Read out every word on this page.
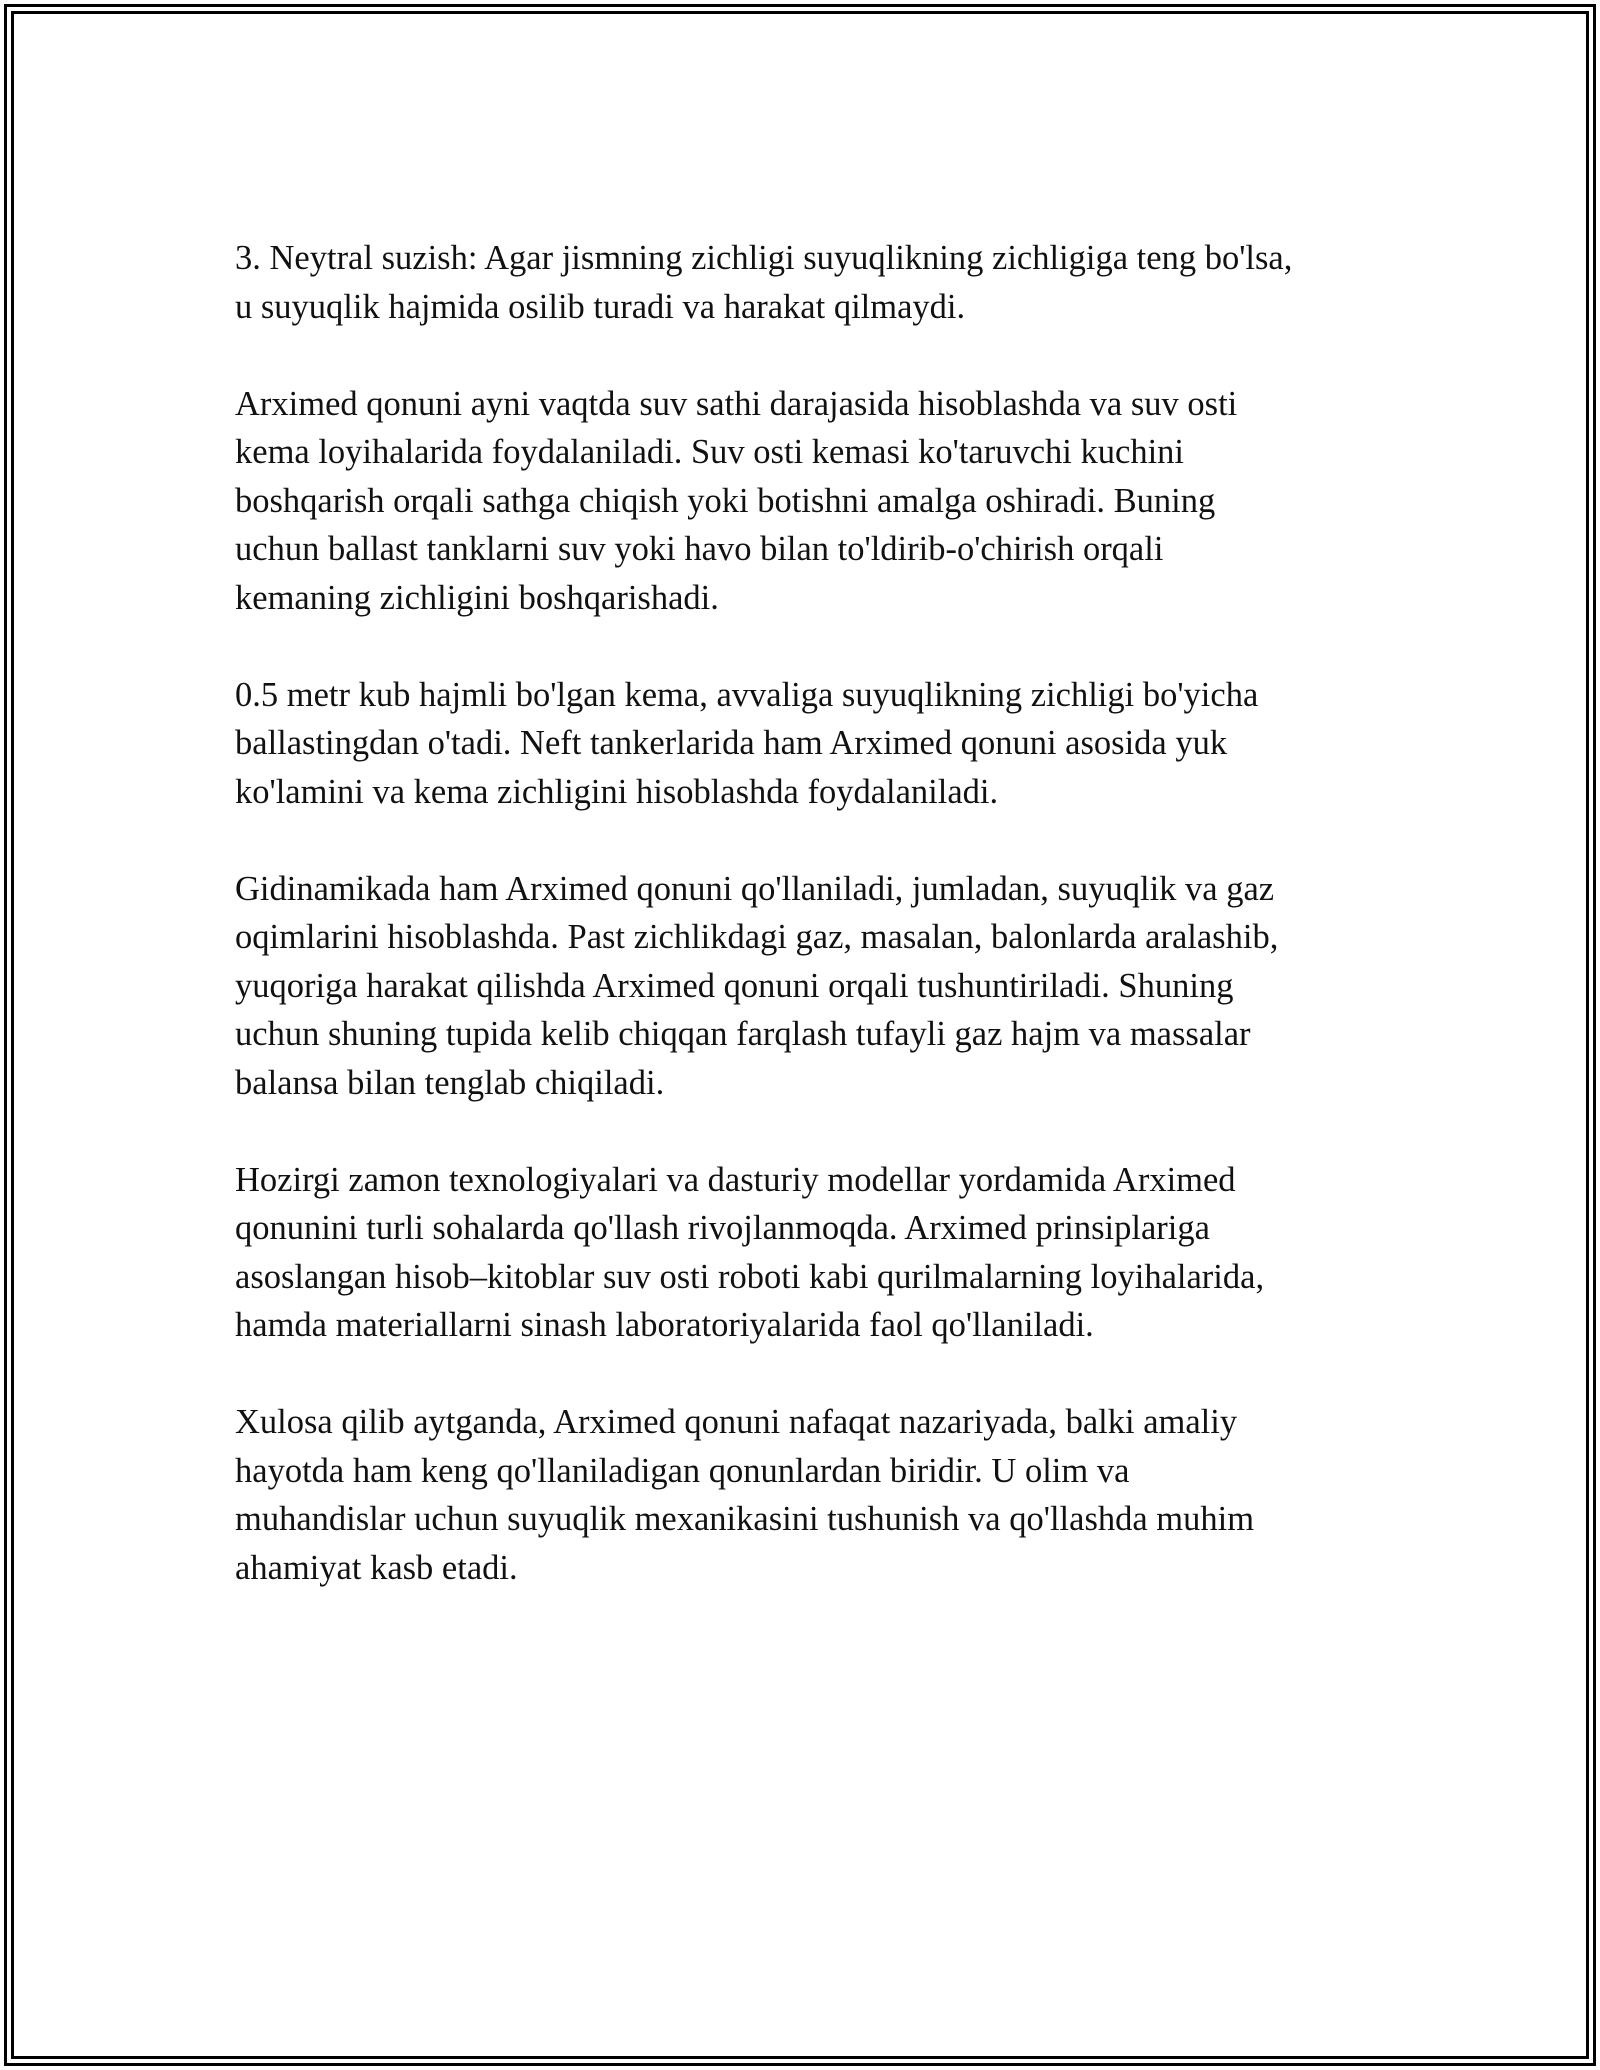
3. Neytral suzish: Agar jismning zichligi suyuqlikning zichligiga teng bo'lsa,
u suyuqlik hajmida osilib turadi va harakat qilmaydi.

Arximed qonuni ayni vaqtda suv sathi darajasida hisoblashda va suv osti
kema loyihalarida foydalaniladi. Suv osti kemasi ko'taruvchi kuchini
boshqarish orqali sathga chiqish yoki botishni amalga oshiradi. Buning
uchun ballast tanklarni suv yoki havo bilan to'ldirib-o'chirish orqali
kemaning zichligini boshqarishadi.

0.5 metr kub hajmli bo'lgan kema, avvaliga suyuqlikning zichligi bo'yicha
ballastingdan o'tadi. Neft tankerlarida ham Arximed qonuni asosida yuk
ko'lamini va kema zichligini hisoblashda foydalaniladi.

Gidinamikada ham Arximed qonuni qo'llaniladi, jumladan, suyuqlik va gaz
oqimlarini hisoblashda. Past zichlikdagi gaz, masalan, balonlarda aralashib,
yuqoriga harakat qilishda Arximed qonuni orqali tushuntiriladi. Shuning
uchun shuning tupida kelib chiqqan farqlash tufayli gaz hajm va massalar
balansa bilan tenglab chiqiladi.

Hozirgi zamon texnologiyalari va dasturiy modellar yordamida Arximed
qonunini turli sohalarda qo'llash rivojlanmoqda. Arximed prinsiplariga
asoslangan hisob–kitoblar suv osti roboti kabi qurilmalarning loyihalarida,
hamda materiallarni sinash laboratoriyalarida faol qo'llaniladi.

Xulosa qilib aytganda, Arximed qonuni nafaqat nazariyada, balki amaliy
hayotda ham keng qo'llaniladigan qonunlardan biridir. U olim va
muhandislar uchun suyuqlik mexanikasini tushunish va qo'llashda muhim
ahamiyat kasb etadi.
